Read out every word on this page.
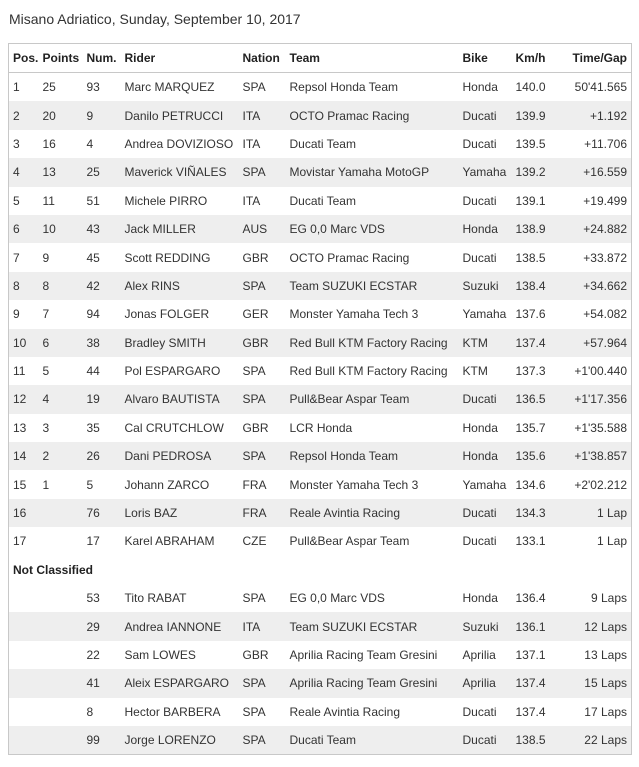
Misano Adriatico, Sunday, September 10, 2017
Pos.	Points	Num.	Rider	Nation	Team	Bike	Km/h	Time/Gap
1	25	93	Marc MARQUEZ	SPA	Repsol Honda Team	Honda	140.0	50'41.565
2	20	9	Danilo PETRUCCI	ITA	OCTO Pramac Racing	Ducati	139.9	+1.192
3	16	4	Andrea DOVIZIOSO	ITA	Ducati Team	Ducati	139.5	+11.706
4	13	25	Maverick VIÑALES	SPA	Movistar Yamaha MotoGP	Yamaha	139.2	+16.559
5	11	51	Michele PIRRO	ITA	Ducati Team	Ducati	139.1	+19.499
6	10	43	Jack MILLER	AUS	EG 0,0 Marc VDS	Honda	138.9	+24.882
7	9	45	Scott REDDING	GBR	OCTO Pramac Racing	Ducati	138.5	+33.872
8	8	42	Alex RINS	SPA	Team SUZUKI ECSTAR	Suzuki	138.4	+34.662
9	7	94	Jonas FOLGER	GER	Monster Yamaha Tech 3	Yamaha	137.6	+54.082
10	6	38	Bradley SMITH	GBR	Red Bull KTM Factory Racing	KTM	137.4	+57.964
11	5	44	Pol ESPARGARO	SPA	Red Bull KTM Factory Racing	KTM	137.3	+1'00.440
12	4	19	Alvaro BAUTISTA	SPA	Pull&Bear Aspar Team	Ducati	136.5	+1'17.356
13	3	35	Cal CRUTCHLOW	GBR	LCR Honda	Honda	135.7	+1'35.588
14	2	26	Dani PEDROSA	SPA	Repsol Honda Team	Honda	135.6	+1'38.857
15	1	5	Johann ZARCO	FRA	Monster Yamaha Tech 3	Yamaha	134.6	+2'02.212
16		76	Loris BAZ	FRA	Reale Avintia Racing	Ducati	134.3	1 Lap
17		17	Karel ABRAHAM	CZE	Pull&Bear Aspar Team	Ducati	133.1	1 Lap
Not Classified								
		53	Tito RABAT	SPA	EG 0,0 Marc VDS	Honda	136.4	9 Laps
		29	Andrea IANNONE	ITA	Team SUZUKI ECSTAR	Suzuki	136.1	12 Laps
		22	Sam LOWES	GBR	Aprilia Racing Team Gresini	Aprilia	137.1	13 Laps
		41	Aleix ESPARGARO	SPA	Aprilia Racing Team Gresini	Aprilia	137.4	15 Laps
		8	Hector BARBERA	SPA	Reale Avintia Racing	Ducati	137.4	17 Laps
		99	Jorge LORENZO	SPA	Ducati Team	Ducati	138.5	22 Laps
